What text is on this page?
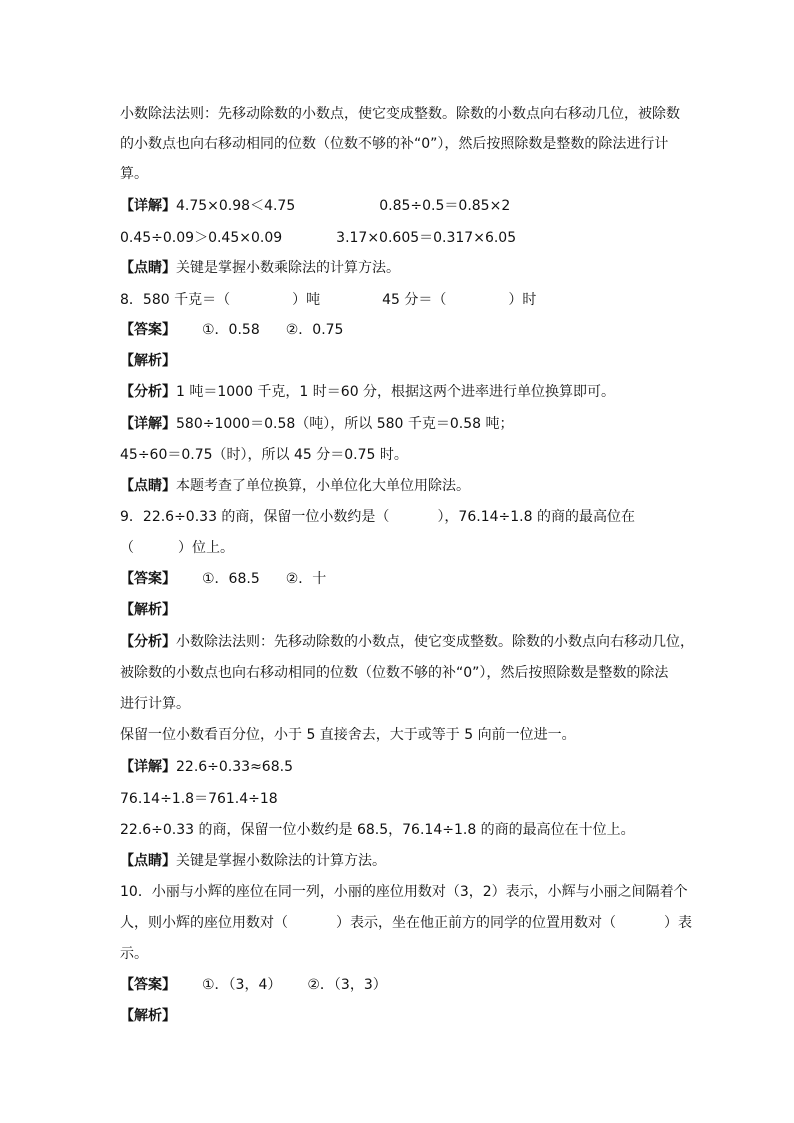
小数除法法则：先移动除数的小数点，使它变成整数。除数的小数点向右移动几位，被除数
的小数点也向右移动相同的位数（位数不够的补“0”），然后按照除数是整数的除法进行计
算。
【详解】4.75×0.98＜4.75	0.85÷0.5＝0.85×2
0.45÷0.09＞0.45×0.09	3.17×0.605＝0.317×6.05
【点睛】关键是掌握小数乘除法的计算方法。
8．580 千克＝（	）吨	45 分＝（	）时
【答案】 ①．0.58 ②．0.75
【解析】
【分析】1 吨＝1000 千克，1 时＝60 分，根据这两个进率进行单位换算即可。
【详解】580÷1000＝0.58（吨），所以 580 千克＝0.58 吨；
45÷60＝0.75（时），所以 45 分＝0.75 时。
【点睛】本题考查了单位换算，小单位化大单位用除法。
9．22.6÷0.33 的商，保留一位小数约是（	），76.14÷1.8 的商的最高位在
（	）位上。
【答案】 ①．68.5 ②．十
【解析】
【分析】小数除法法则：先移动除数的小数点，使它变成整数。除数的小数点向右移动几位，
被除数的小数点也向右移动相同的位数（位数不够的补“0”），然后按照除数是整数的除法
进行计算。
保留一位小数看百分位，小于 5 直接舍去，大于或等于 5 向前一位进一。
【详解】22.6÷0.33≈68.5
76.14÷1.8＝761.4÷18
22.6÷0.33 的商，保留一位小数约是 68.5，76.14÷1.8 的商的最高位在十位上。
【点睛】关键是掌握小数除法的计算方法。
10．小丽与小辉的座位在同一列，小丽的座位用数对（3，2）表示，小辉与小丽之间隔着个
人，则小辉的座位用数对（	）表示，坐在他正前方的同学的位置用数对（	）表
示。
【答案】 ①．（3，4） ②．（3，3）
【解析】
